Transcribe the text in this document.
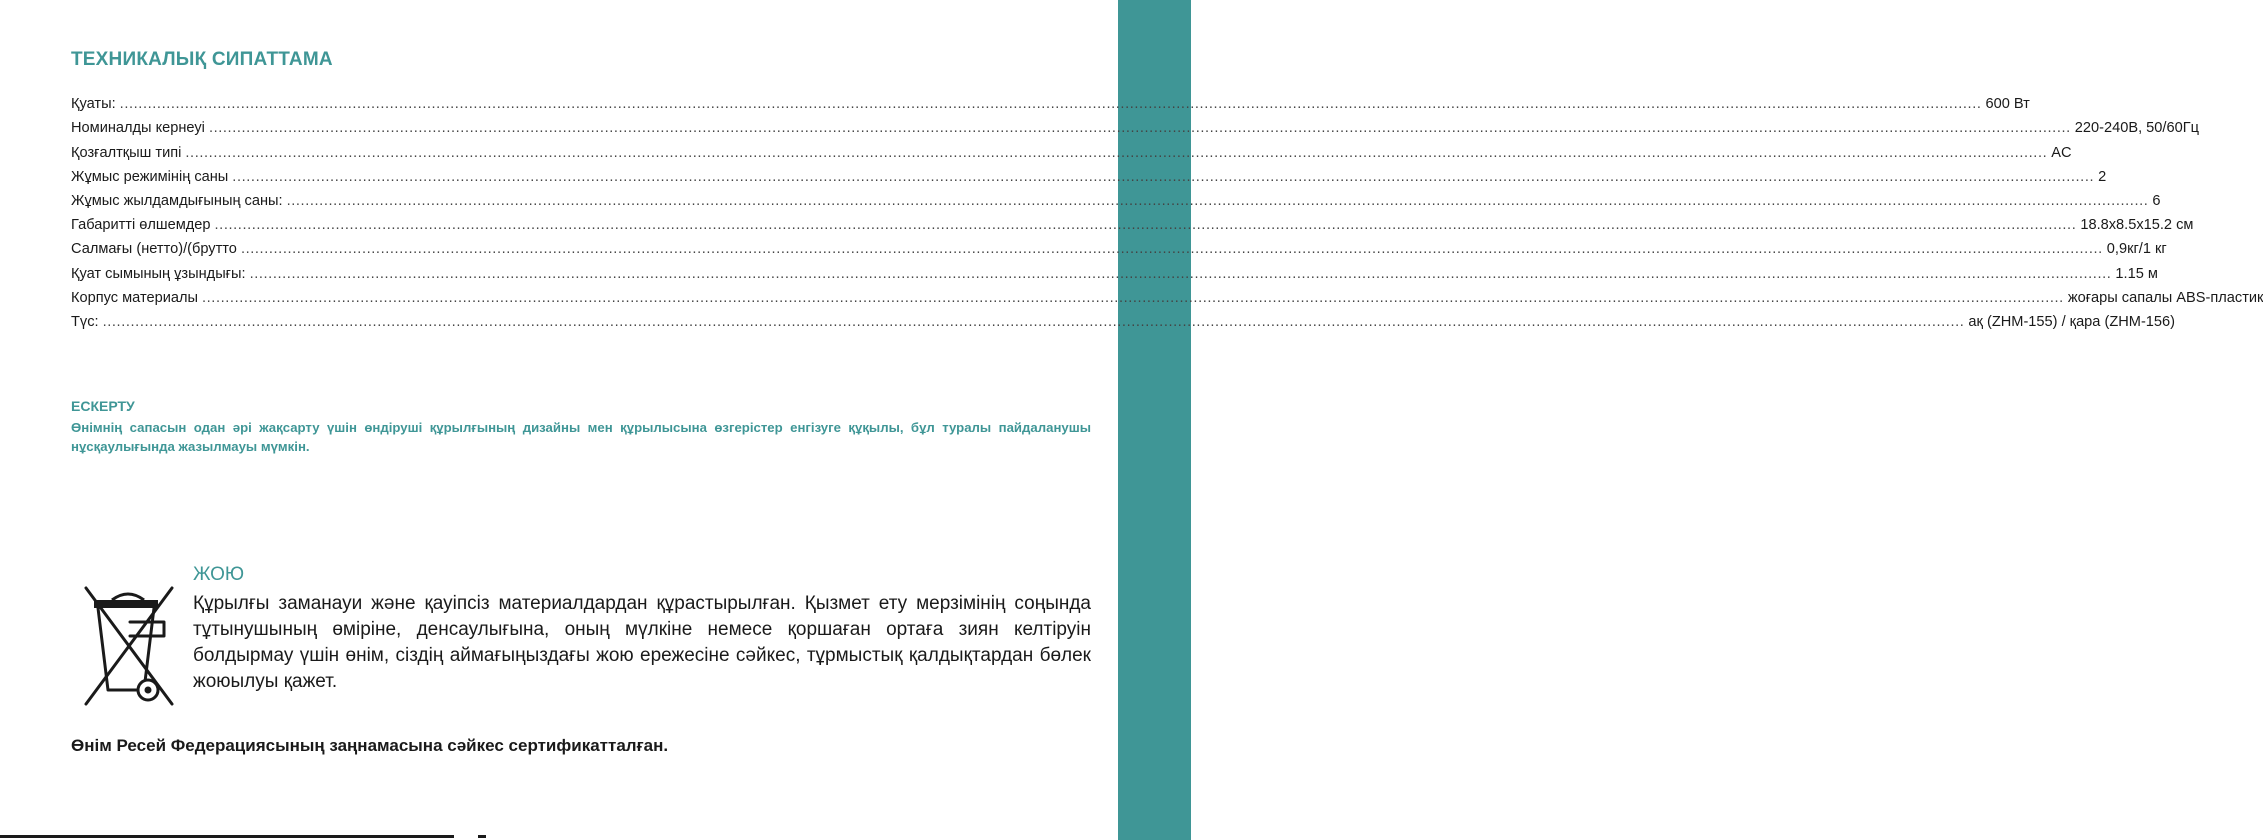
ТЕХНИКАЛЫҚ СИПАТТАМА
Қуаты: ................................................................................................................................................................................................................................................................................................................................................................................................................ 600 Вт
Номиналды кернеуі ................................................................................................................................................................................................................................................................................................................................................................................................................ 220-240В, 50/60Гц
Қозғалтқыш типі ................................................................................................................................................................................................................................................................................................................................................................................................................ AC
Жұмыс режимінің саны ................................................................................................................................................................................................................................................................................................................................................................................................................ 2
Жұмыс жылдамдығының саны: ................................................................................................................................................................................................................................................................................................................................................................................................................ 6
Габаритті өлшемдер ................................................................................................................................................................................................................................................................................................................................................................................................................ 18.8x8.5x15.2 см
Салмағы (нетто)/(брутто ................................................................................................................................................................................................................................................................................................................................................................................................................ 0,9кг/1 кг
Қуат сымының ұзындығы: ................................................................................................................................................................................................................................................................................................................................................................................................................ 1.15 м
Корпус материалы ................................................................................................................................................................................................................................................................................................................................................................................................................ жоғары сапалы ABS-пластик
Түс: ................................................................................................................................................................................................................................................................................................................................................................................................................ ақ (ZHM-155) / қара (ZHM-156)
ЕСКЕРТУ
Өнімнің сапасын одан әрі жақсарту үшін өндіруші құрылғының дизайны мен құрылысына өзгерістер енгізуге құқылы, бұл туралы пайдаланушы нұсқаулығында жазылмауы мүмкін.
ЖОЮ
Құрылғы заманауи және қауіпсіз материалдардан құрастырылған. Қызмет ету мерзімінің соңында тұтынушының өміріне, денсаулығына, оның мүлкіне немесе қоршаған ортаға зиян келтіруін болдырмау үшін өнім, сіздің аймағыңыздағы жою ережесіне сәйкес, тұрмыстық қалдықтардан бөлек жоюылуы қажет.
Өнім Ресей Федерациясының заңнамасына сәйкес сертификатталған.
